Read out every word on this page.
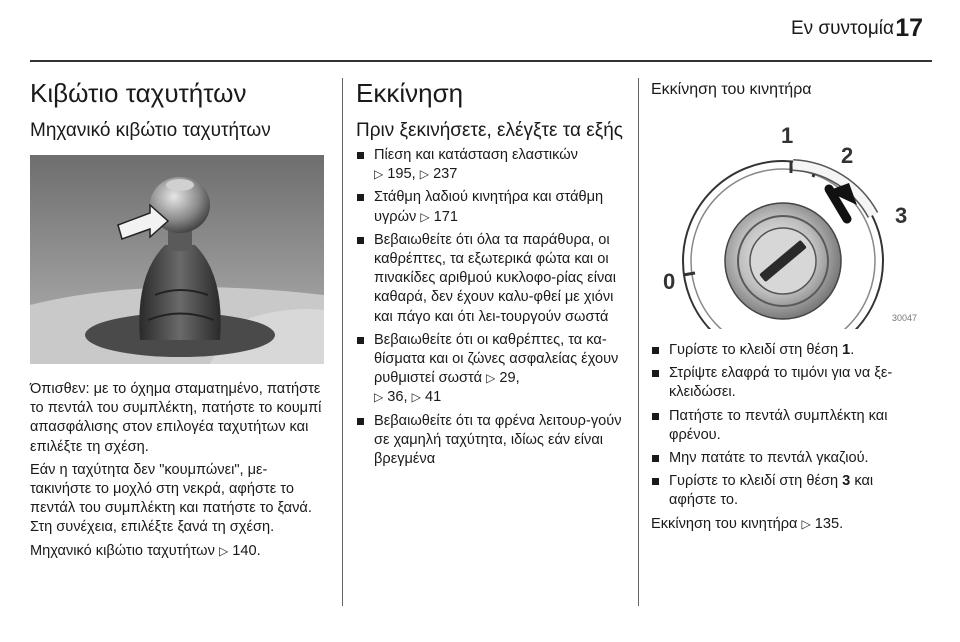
Εν συντομία 17
Κιβώτιο ταχυτήτων
Μηχανικό κιβώτιο ταχυτήτων

Όπισθεν: με το όχημα σταματημένο, πατήστε το πεντάλ του συμπλέκτη, πατήστε το κουμπί απασφάλισης στον επιλογέα ταχυτήτων και επιλέξτε τη σχέση.

Εάν η ταχύτητα δεν "κουμπώνει", με-τακινήστε το μοχλό στη νεκρά, αφήστε το πεντάλ του συμπλέκτη και πατήστε το ξανά. Στη συνέχεια, επιλέξτε ξανά τη σχέση.

Μηχανικό κιβώτιο ταχυτήτων ▷ 140.

Εκκίνηση
Πριν ξεκινήσετε, ελέγξτε τα εξής
Πίεση και κατάσταση ελαστικών
▷ 195, ▷ 237
Στάθμη λαδιού κινητήρα και στάθμη υγρών ▷ 171
Βεβαιωθείτε ότι όλα τα παράθυρα, οι καθρέπτες, τα εξωτερικά φώτα και οι πινακίδες αριθμού κυκλοφο-ρίας είναι καθαρά, δεν έχουν καλυ-φθεί με χιόνι και πάγο και ότι λει-τουργούν σωστά
Βεβαιωθείτε ότι οι καθρέπτες, τα κα-θίσματα και οι ζώνες ασφαλείας έχουν ρυθμιστεί σωστά ▷ 29,
▷ 36, ▷ 41
Βεβαιωθείτε ότι τα φρένα λειτουρ-γούν σε χαμηλή ταχύτητα, ιδίως εάν είναι βρεγμένα
Εκκίνηση του κινητήρα
0
1
2
3
30047
Γυρίστε το κλειδί στη θέση 1.
Στρίψτε ελαφρά το τιμόνι για να ξε-κλειδώσει.
Πατήστε το πεντάλ συμπλέκτη και φρένου.
Μην πατάτε το πεντάλ γκαζιού.
Γυρίστε το κλειδί στη θέση 3 και αφήστε το.

Εκκίνηση του κινητήρα ▷ 135.
